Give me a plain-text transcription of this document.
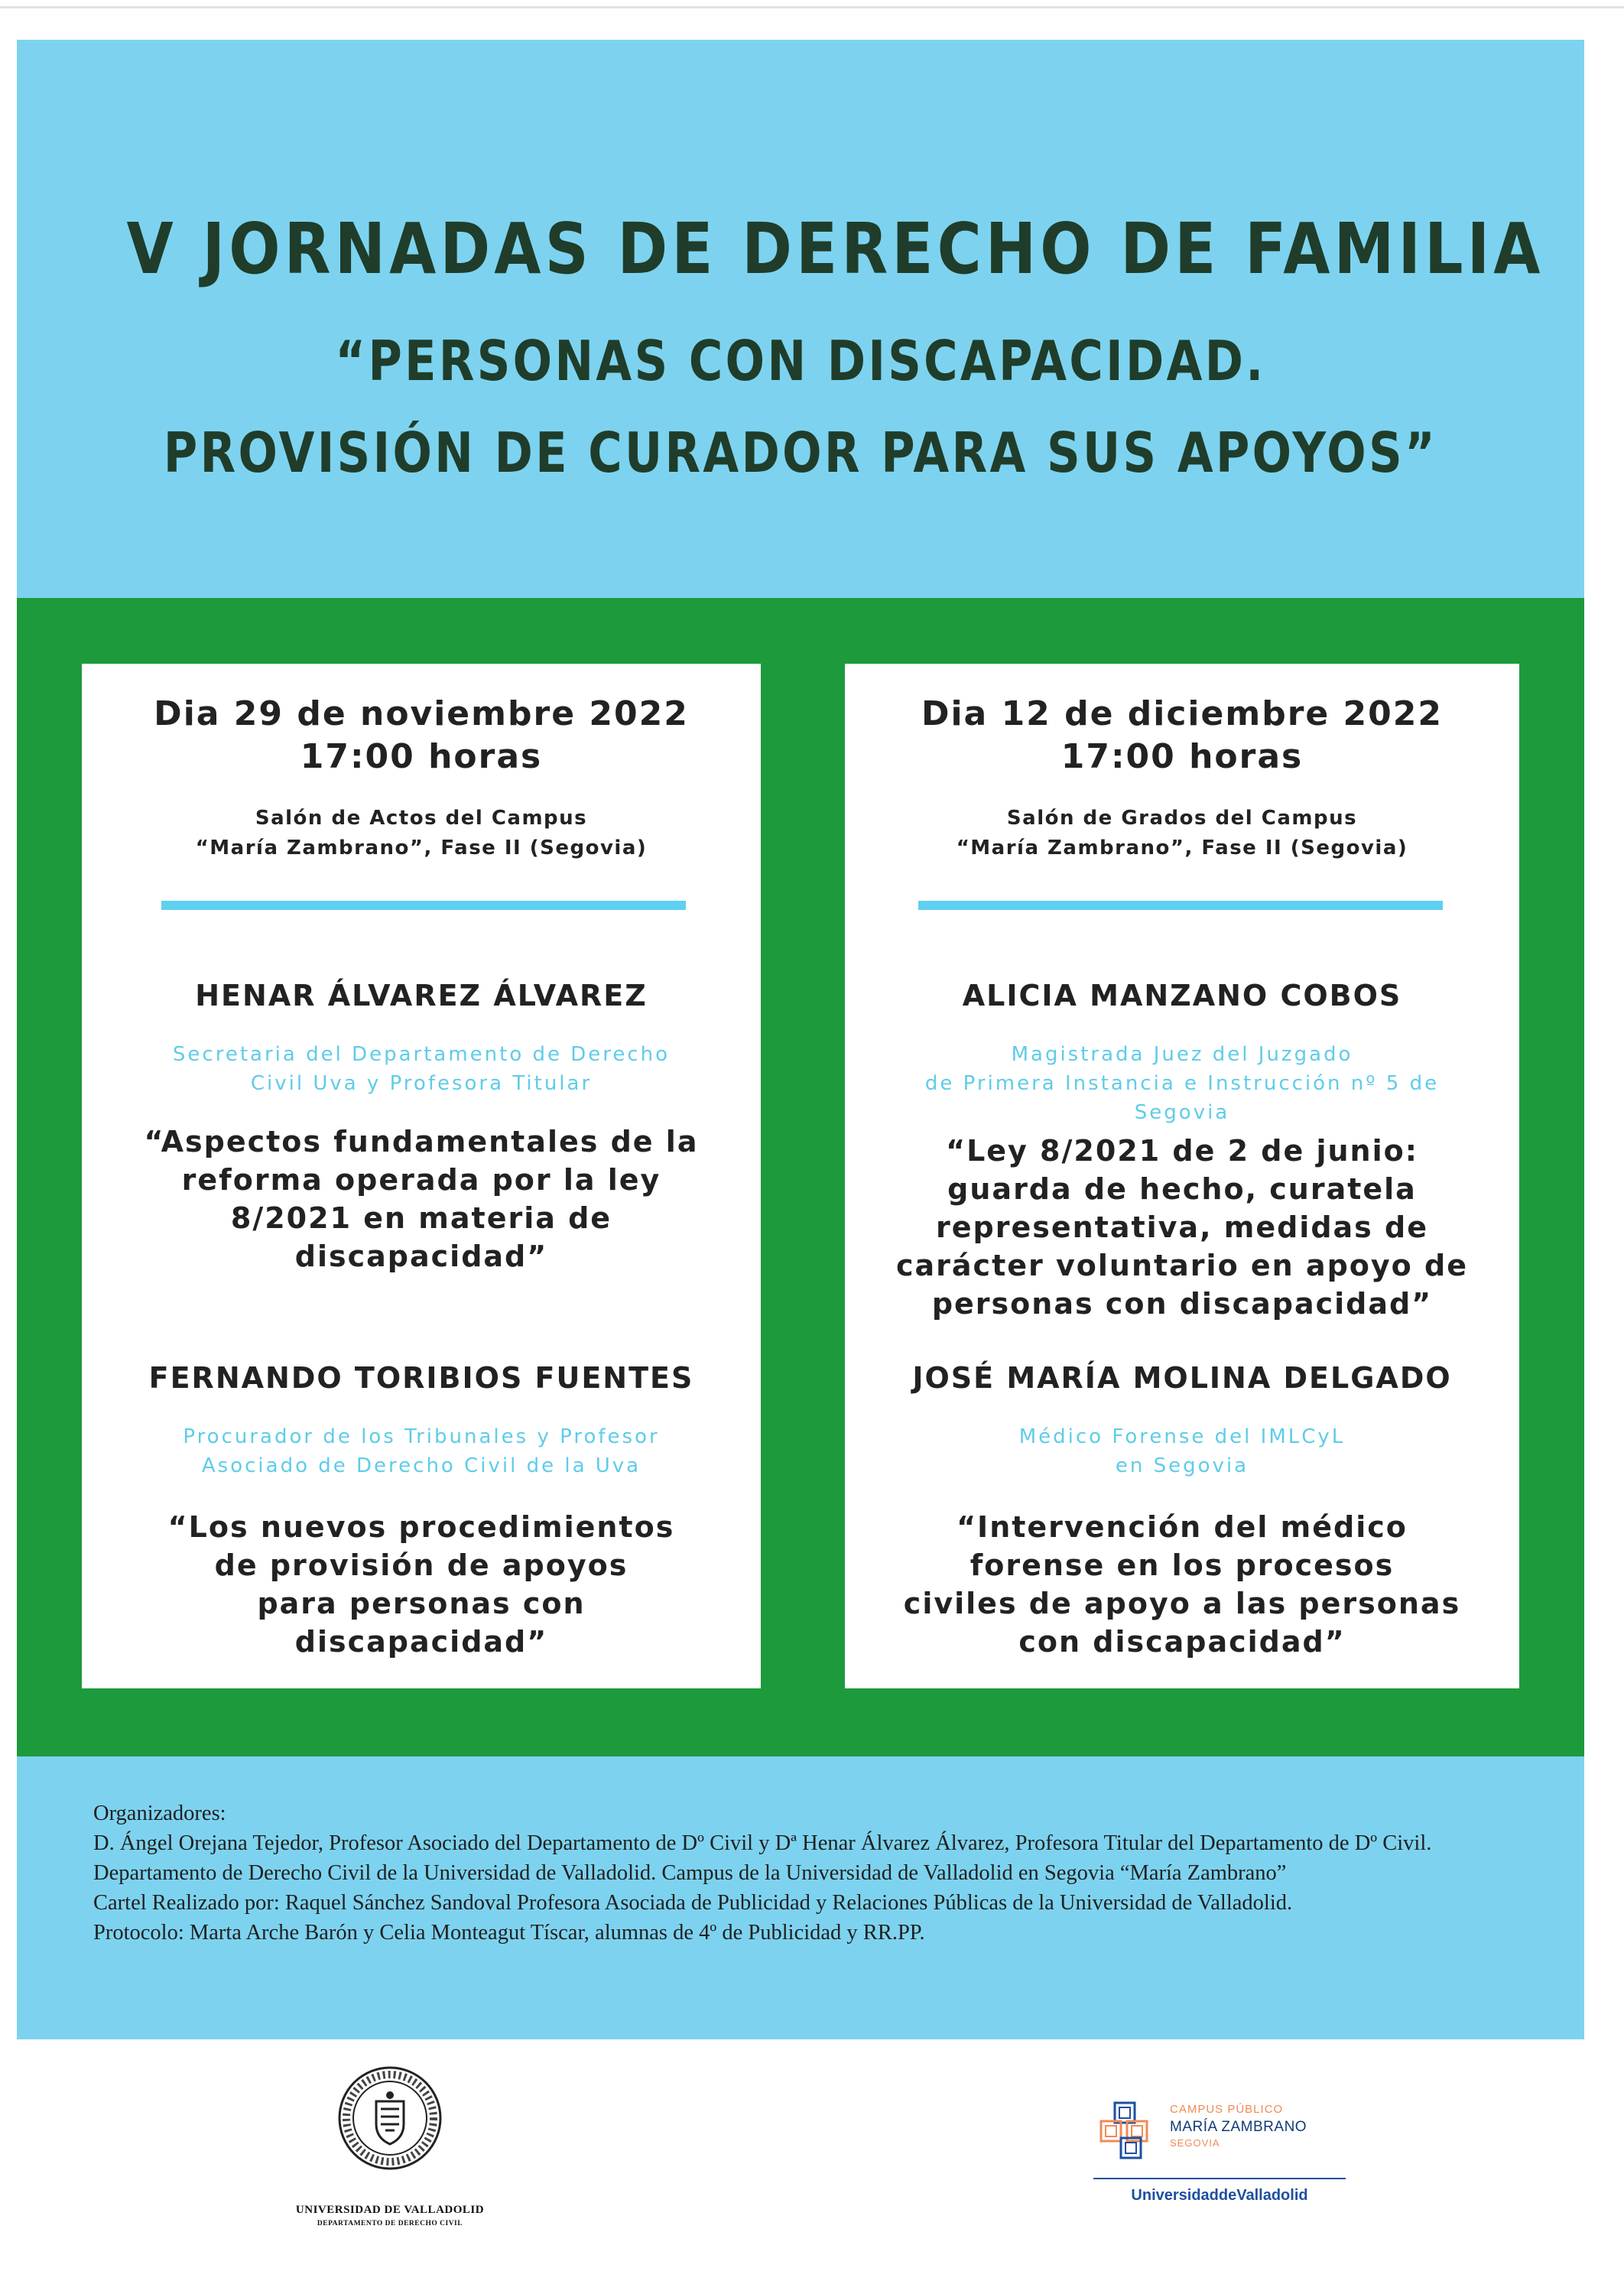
V JORNADAS DE DERECHO DE FAMILIA
“PERSONAS CON DISCAPACIDAD.
PROVISIÓN DE CURADOR PARA SUS APOYOS”
Dia 29 de noviembre 2022
17:00 horas
Salón de Actos del Campus
“María Zambrano”, Fase II (Segovia)
HENAR ÁLVAREZ ÁLVAREZ
Secretaria del Departamento de Derecho
Civil Uva y Profesora Titular
“Aspectos fundamentales de la
reforma operada por la ley
8/2021 en materia de
discapacidad”
FERNANDO TORIBIOS FUENTES
Procurador de los Tribunales y Profesor
Asociado de Derecho Civil de la Uva
“Los nuevos procedimientos
de provisión de apoyos
para personas con
discapacidad”
Dia 12 de diciembre 2022
17:00 horas
Salón de Grados del Campus
“María Zambrano”, Fase II (Segovia)
ALICIA MANZANO COBOS
Magistrada Juez del Juzgado
de Primera Instancia e Instrucción nº 5 de
Segovia
“Ley 8/2021 de 2 de junio:
guarda de hecho, curatela
representativa, medidas de
carácter voluntario en apoyo de
personas con discapacidad”
JOSÉ MARÍA MOLINA DELGADO
Médico Forense del IMLCyL
en Segovia
“Intervención del médico
forense en los procesos
civiles de apoyo a las personas
con discapacidad”
Organizadores:
D. Ángel Orejana Tejedor, Profesor Asociado del Departamento de Dº Civil y Dª Henar Álvarez Álvarez, Profesora Titular del Departamento de Dº Civil.
Departamento de Derecho Civil de la Universidad de Valladolid. Campus de la Universidad de Valladolid en Segovia “María Zambrano”
Cartel Realizado por: Raquel Sánchez Sandoval Profesora Asociada de Publicidad y Relaciones Públicas de la Universidad de Valladolid.
Protocolo: Marta Arche Barón y Celia Monteagut Tíscar, alumnas de 4º de Publicidad y RR.PP.
UNIVERSIDAD DE VALLADOLID
DEPARTAMENTO DE DERECHO CIVIL
CAMPUS PÚBLICO
MARÍA ZAMBRANO
SEGOVIA
UniversidaddeValladolid
